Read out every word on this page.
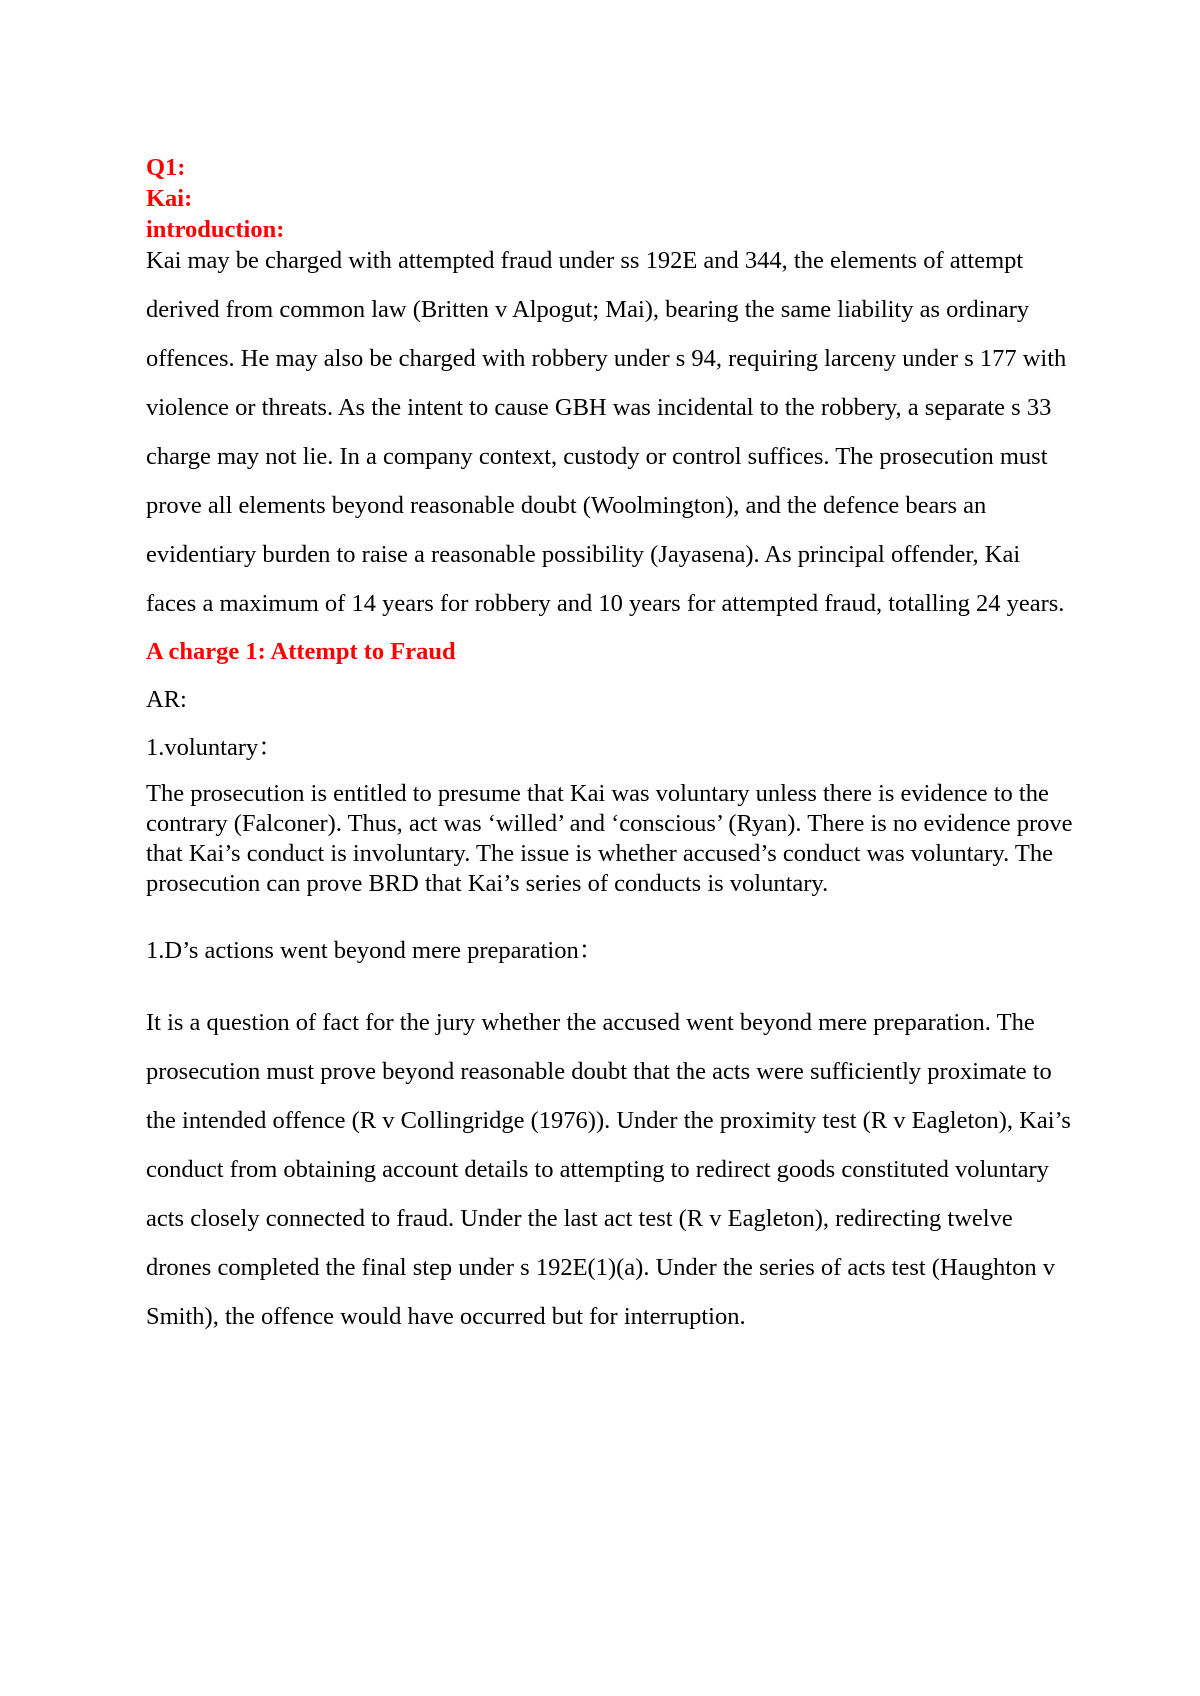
Q1:

Kai:

introduction:

Kai may be charged with attempted fraud under ss 192E and 344, the elements of attempt derived from common law (Britten v Alpogut; Mai), bearing the same liability as ordinary offences. He may also be charged with robbery under s 94, requiring larceny under s 177 with violence or threats. As the intent to cause GBH was incidental to the robbery, a separate s 33 charge may not lie. In a company context, custody or control suffices. The prosecution must prove all elements beyond reasonable doubt (Woolmington), and the defence bears an evidentiary burden to raise a reasonable possibility (Jayasena). As principal offender, Kai faces a maximum of 14 years for robbery and 10 years for attempted fraud, totalling 24 years.

A charge 1: Attempt to Fraud

AR:

1.voluntary：

The prosecution is entitled to presume that Kai was voluntary unless there is evidence to the contrary (Falconer). Thus, act was ‘willed’ and ‘conscious’ (Ryan). There is no evidence prove that Kai’s conduct is involuntary. The issue is whether accused’s conduct was voluntary. The prosecution can prove BRD that Kai’s series of conducts is voluntary.

1.D’s actions went beyond mere preparation：

It is a question of fact for the jury whether the accused went beyond mere preparation. The prosecution must prove beyond reasonable doubt that the acts were sufficiently proximate to the intended offence (R v Collingridge (1976)). Under the proximity test (R v Eagleton), Kai’s conduct from obtaining account details to attempting to redirect goods constituted voluntary acts closely connected to fraud. Under the last act test (R v Eagleton), redirecting twelve drones completed the final step under s 192E(1)(a). Under the series of acts test (Haughton v Smith), the offence would have occurred but for interruption.
